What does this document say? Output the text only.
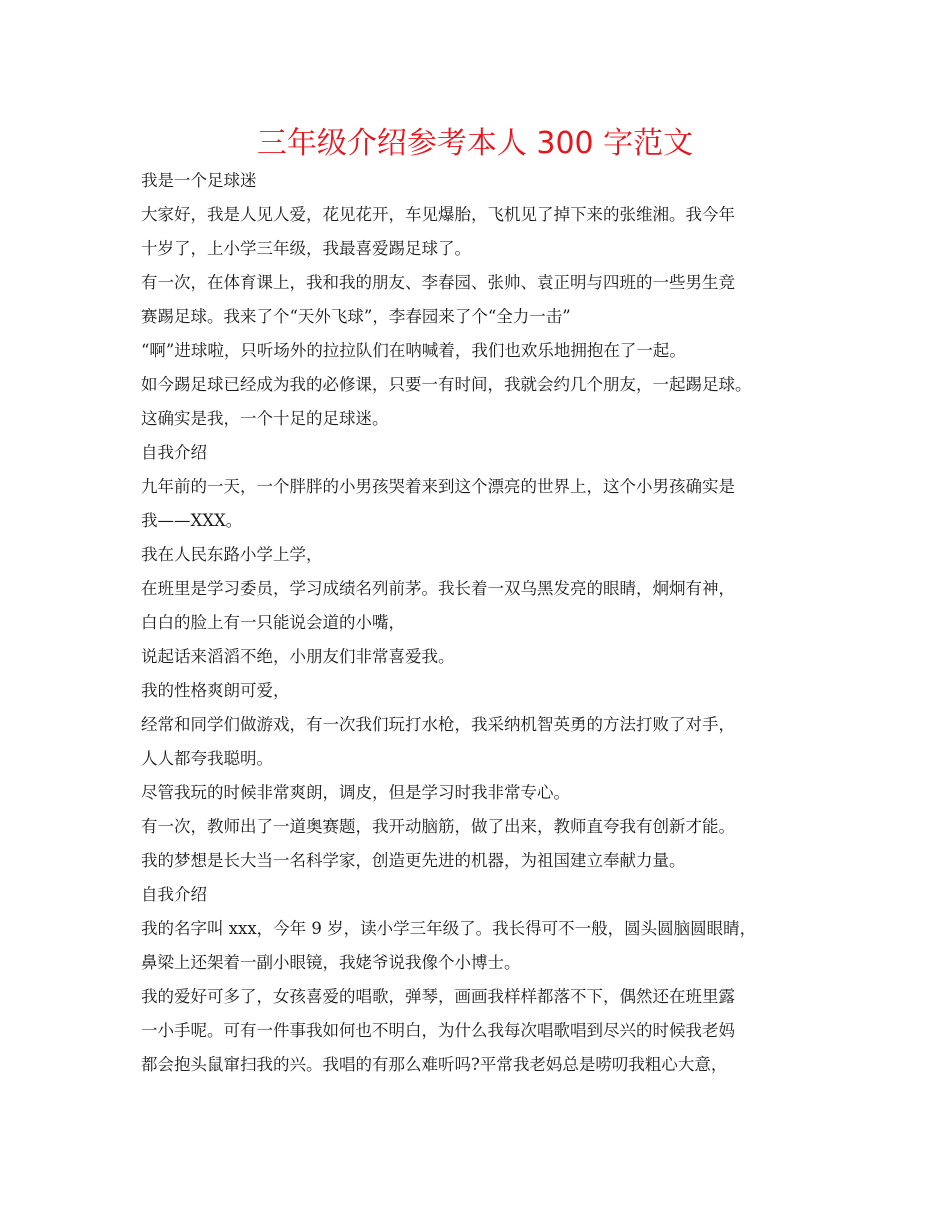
三年级介绍参考本人 300 字范文
我是一个足球迷
大家好，我是人见人爱，花见花开，车见爆胎，飞机见了掉下来的张维湘。我今年
十岁了，上小学三年级，我最喜爱踢足球了。
有一次，在体育课上，我和我的朋友、李春园、张帅、袁正明与四班的一些男生竞
赛踢足球。我来了个“天外飞球”，李春园来了个“全力一击”
“啊”进球啦，只听场外的拉拉队们在呐喊着，我们也欢乐地拥抱在了一起。
如今踢足球已经成为我的必修课，只要一有时间，我就会约几个朋友，一起踢足球。
这确实是我，一个十足的足球迷。
自我介绍
九年前的一天，一个胖胖的小男孩哭着来到这个漂亮的世界上，这个小男孩确实是
我——XXX。
我在人民东路小学上学，
在班里是学习委员，学习成绩名列前茅。我长着一双乌黑发亮的眼睛，炯炯有神，
白白的脸上有一只能说会道的小嘴，
说起话来滔滔不绝，小朋友们非常喜爱我。
我的性格爽朗可爱，
经常和同学们做游戏，有一次我们玩打水枪，我采纳机智英勇的方法打败了对手，
人人都夸我聪明。
尽管我玩的时候非常爽朗，调皮，但是学习时我非常专心。
有一次，教师出了一道奥赛题，我开动脑筋，做了出来，教师直夸我有创新才能。
我的梦想是长大当一名科学家，创造更先进的机器，为祖国建立奉献力量。
自我介绍
我的名字叫 xxx，今年 9 岁，读小学三年级了。我长得可不一般，圆头圆脑圆眼睛，
鼻梁上还架着一副小眼镜，我姥爷说我像个小博士。
我的爱好可多了，女孩喜爱的唱歌，弹琴，画画我样样都落不下，偶然还在班里露
一小手呢。可有一件事我如何也不明白，为什么我每次唱歌唱到尽兴的时候我老妈
都会抱头鼠窜扫我的兴。我唱的有那么难听吗?平常我老妈总是唠叨我粗心大意，
